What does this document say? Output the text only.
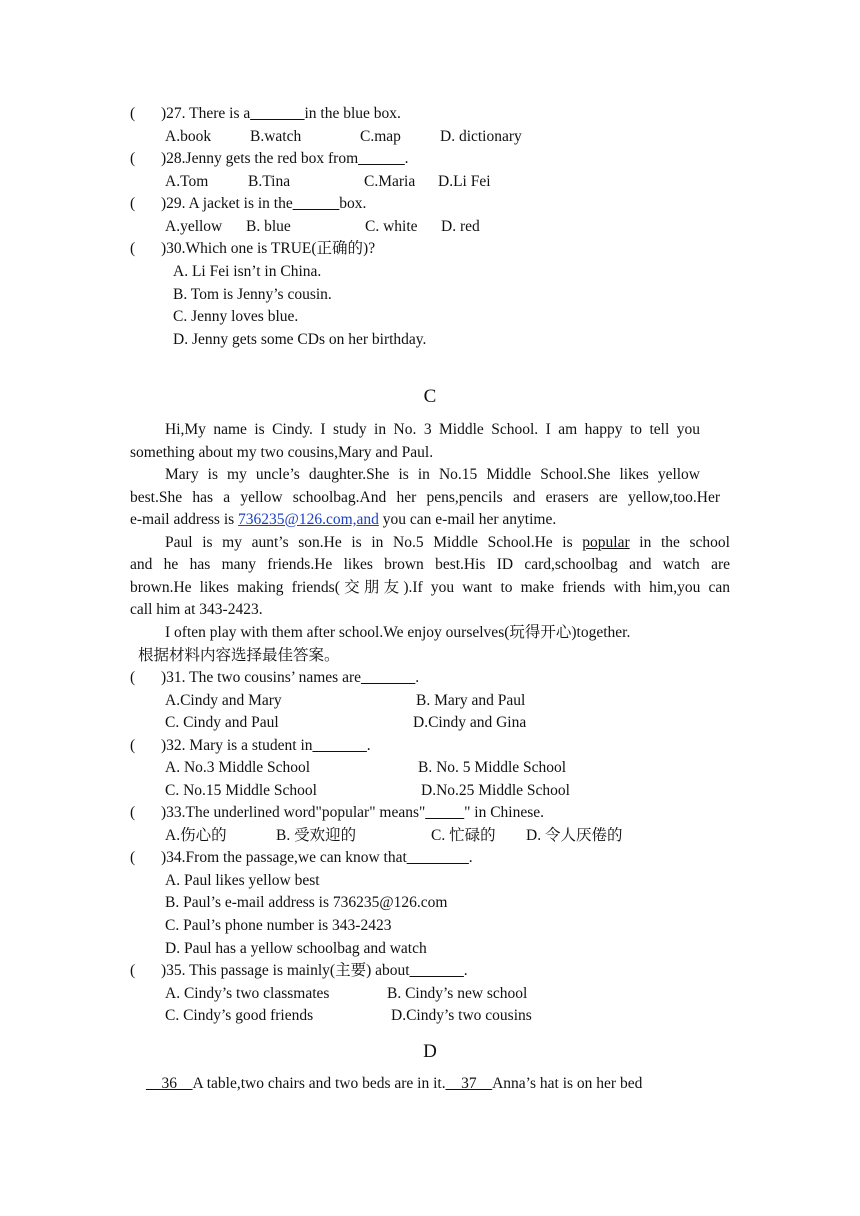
( )27. There is a_______in the blue box.
A.book	B.watch	C.map	D. dictionary
( )28.Jenny gets the red box from______.
A.Tom	B.Tina	C.Maria D.Li Fei
( )29. A jacket is in the______box.
A.yellow B. blue	C. white D. red
( )30.Which one is TRUE(正确的)?
A. Li Fei isn’t in China.
B. Tom is Jenny’s cousin.
C. Jenny loves blue.
D. Jenny gets some CDs on her birthday.
C
Hi,My name is Cindy. I study in No. 3 Middle School. I am happy to tell you
something about my two cousins,Mary and Paul.
Mary is my uncle’s daughter.She is in No.15 Middle School.She likes yellow
best.She has a yellow schoolbag.And her pens,pencils and erasers are yellow,too.Her
e-mail address is 736235@126.com,and you can e-mail her anytime.
Paul is my aunt’s son.He is in No.5 Middle School.He is popular in the school
and he has many friends.He likes brown best.His ID card,schoolbag and watch are
brown.He likes making friends(交朋友).If you want to make friends with him,you can
call him at 343-2423.
I often play with them after school.We enjoy ourselves(玩得开心)together.
根据材料内容选择最佳答案。
( )31. The two cousins’ names are_______.
A.Cindy and Mary	B. Mary and Paul
C. Cindy and Paul	D.Cindy and Gina
( )32. Mary is a student in_______.
A. No.3 Middle School	B. No. 5 Middle School
C. No.15 Middle School	D.No.25 Middle School
( )33.The underlined word"popular" means"_____" in Chinese.
A.伤心的	B. 受欢迎的	C. 忙碌的 D. 令人厌倦的
( )34.From the passage,we can know that________.
A. Paul likes yellow best
B. Paul’s e-mail address is 736235@126.com
C. Paul’s phone number is 343-2423
D. Paul has a yellow schoolbag and watch
( )35. This passage is mainly(主要) about_______.
A. Cindy’s two classmates	B. Cindy’s new school
C. Cindy’s good friends	D.Cindy’s two cousins
D
__36__A table,two chairs and two beds are in it.__37__Anna’s hat is on her bed
